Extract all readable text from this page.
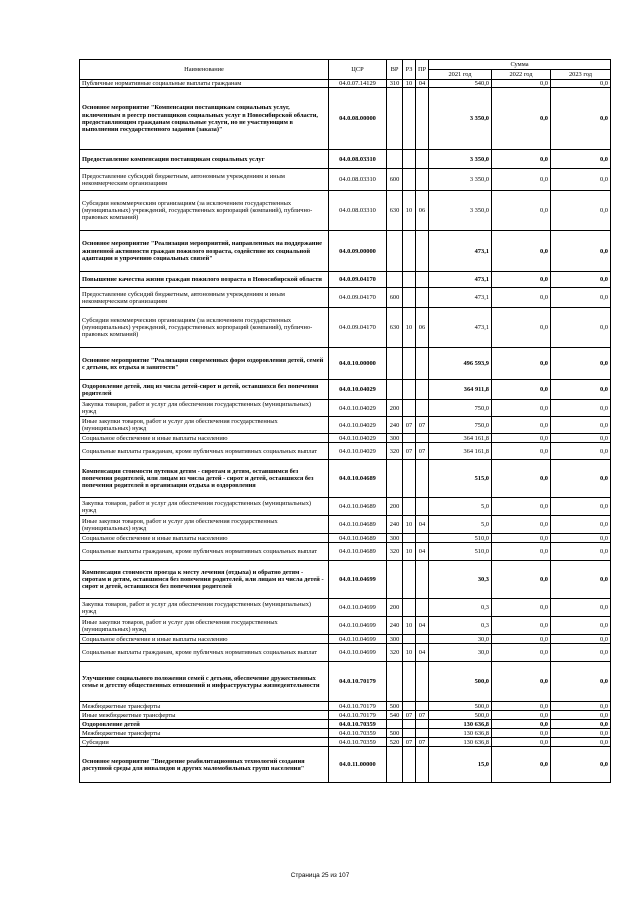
Наименование	ЦСР	ВР	РЗ	ПР	Сумма		
					2021 год	2022 год	2023 год
Публичные нормативные социальные выплаты гражданам	04.0.07.14129	310	10	04	540,0	0,0	0,0
Основное мероприятие "Компенсация поставщикам социальных услуг, включенным в реестр поставщиков социальных услуг в Новосибирской области, предоставляющим гражданам социальные услуги, но не участвующим в выполнении государственного задания (заказа)"	04.0.08.00000				3 350,0	0,0	0,0
Предоставление компенсации поставщикам социальных услуг	04.0.08.03310				3 350,0	0,0	0,0
Предоставление субсидий бюджетным, автономным учреждениям и иным некоммерческим организациям	04.0.08.03310	600			3 350,0	0,0	0,0
Субсидии некоммерческим организациям (за исключением государственных (муниципальных) учреждений, государственных корпораций (компаний), публично-правовых компаний)	04.0.08.03310	630	10	06	3 350,0	0,0	0,0
Основное мероприятие "Реализация мероприятий, направленных на поддержание жизненной активности граждан пожилого возраста, содействие их социальной адаптации и упрочению социальных связей"	04.0.09.00000				473,1	0,0	0,0
Повышение качества жизни граждан пожилого возраста в Новосибирской области	04.0.09.04170				473,1	0,0	0,0
Предоставление субсидий бюджетным, автономным учреждениям и иным некоммерческим организациям	04.0.09.04170	600			473,1	0,0	0,0
Субсидии некоммерческим организациям (за исключением государственных (муниципальных) учреждений, государственных корпораций (компаний), публично-правовых компаний)	04.0.09.04170	630	10	06	473,1	0,0	0,0
Основное мероприятие "Реализация современных форм оздоровления детей, семей с детьми, их отдыха и занятости"	04.0.10.00000				496 593,9	0,0	0,0
Оздоровление детей, лиц из числа детей-сирот и детей, оставшихся без попечения родителей	04.0.10.04029				364 911,8	0,0	0,0
Закупка товаров, работ и услуг для обеспечения государственных (муниципальных) нужд	04.0.10.04029	200			750,0	0,0	0,0
Иные закупки товаров, работ и услуг для обеспечения государственных (муниципальных) нужд	04.0.10.04029	240	07	07	750,0	0,0	0,0
Социальное обеспечение и иные выплаты населению	04.0.10.04029	300			364 161,8	0,0	0,0
Социальные выплаты гражданам, кроме публичных нормативных социальных выплат	04.0.10.04029	320	07	07	364 161,8	0,0	0,0
Компенсация стоимости путевки детям - сиротам и детям, оставшимся без попечения родителей, или лицам из числа детей - сирот и детей, оставшихся без попечения родителей в организации отдыха и оздоровления	04.0.10.04689				515,0	0,0	0,0
Закупка товаров, работ и услуг для обеспечения государственных (муниципальных) нужд	04.0.10.04689	200			5,0	0,0	0,0
Иные закупки товаров, работ и услуг для обеспечения государственных (муниципальных) нужд	04.0.10.04689	240	10	04	5,0	0,0	0,0
Социальное обеспечение и иные выплаты населению	04.0.10.04689	300			510,0	0,0	0,0
Социальные выплаты гражданам, кроме публичных нормативных социальных выплат	04.0.10.04689	320	10	04	510,0	0,0	0,0
Компенсация стоимости проезда к месту лечения (отдыха) и обратно детям - сиротам и детям, оставшимся без попечения родителей, или лицам из числа детей - сирот и детей, оставшихся без попечения родителей	04.0.10.04699				30,3	0,0	0,0
Закупка товаров, работ и услуг для обеспечения государственных (муниципальных) нужд	04.0.10.04699	200			0,3	0,0	0,0
Иные закупки товаров, работ и услуг для обеспечения государственных (муниципальных) нужд	04.0.10.04699	240	10	04	0,3	0,0	0,0
Социальное обеспечение и иные выплаты населению	04.0.10.04699	300			30,0	0,0	0,0
Социальные выплаты гражданам, кроме публичных нормативных социальных выплат	04.0.10.04699	320	10	04	30,0	0,0	0,0
Улучшение социального положения семей с детьми, обеспечение дружественных семье и детству общественных отношений и инфраструктуры жизнедеятельности	04.0.10.70179				500,0	0,0	0,0
Межбюджетные трансферты	04.0.10.70179	500			500,0	0,0	0,0
Иные межбюджетные трансферты	04.0.10.70179	540	07	07	500,0	0,0	0,0
Оздоровление детей	04.0.10.70359				130 636,8	0,0	0,0
Межбюджетные трансферты	04.0.10.70359	500			130 636,8	0,0	0,0
Субсидии	04.0.10.70359	520	07	07	130 636,8	0,0	0,0
Основное мероприятие "Внедрение реабилитационных технологий создания доступной среды для инвалидов и других маломобильных групп населения"	04.0.11.00000				15,0	0,0	0,0
Страница 25 из 107
